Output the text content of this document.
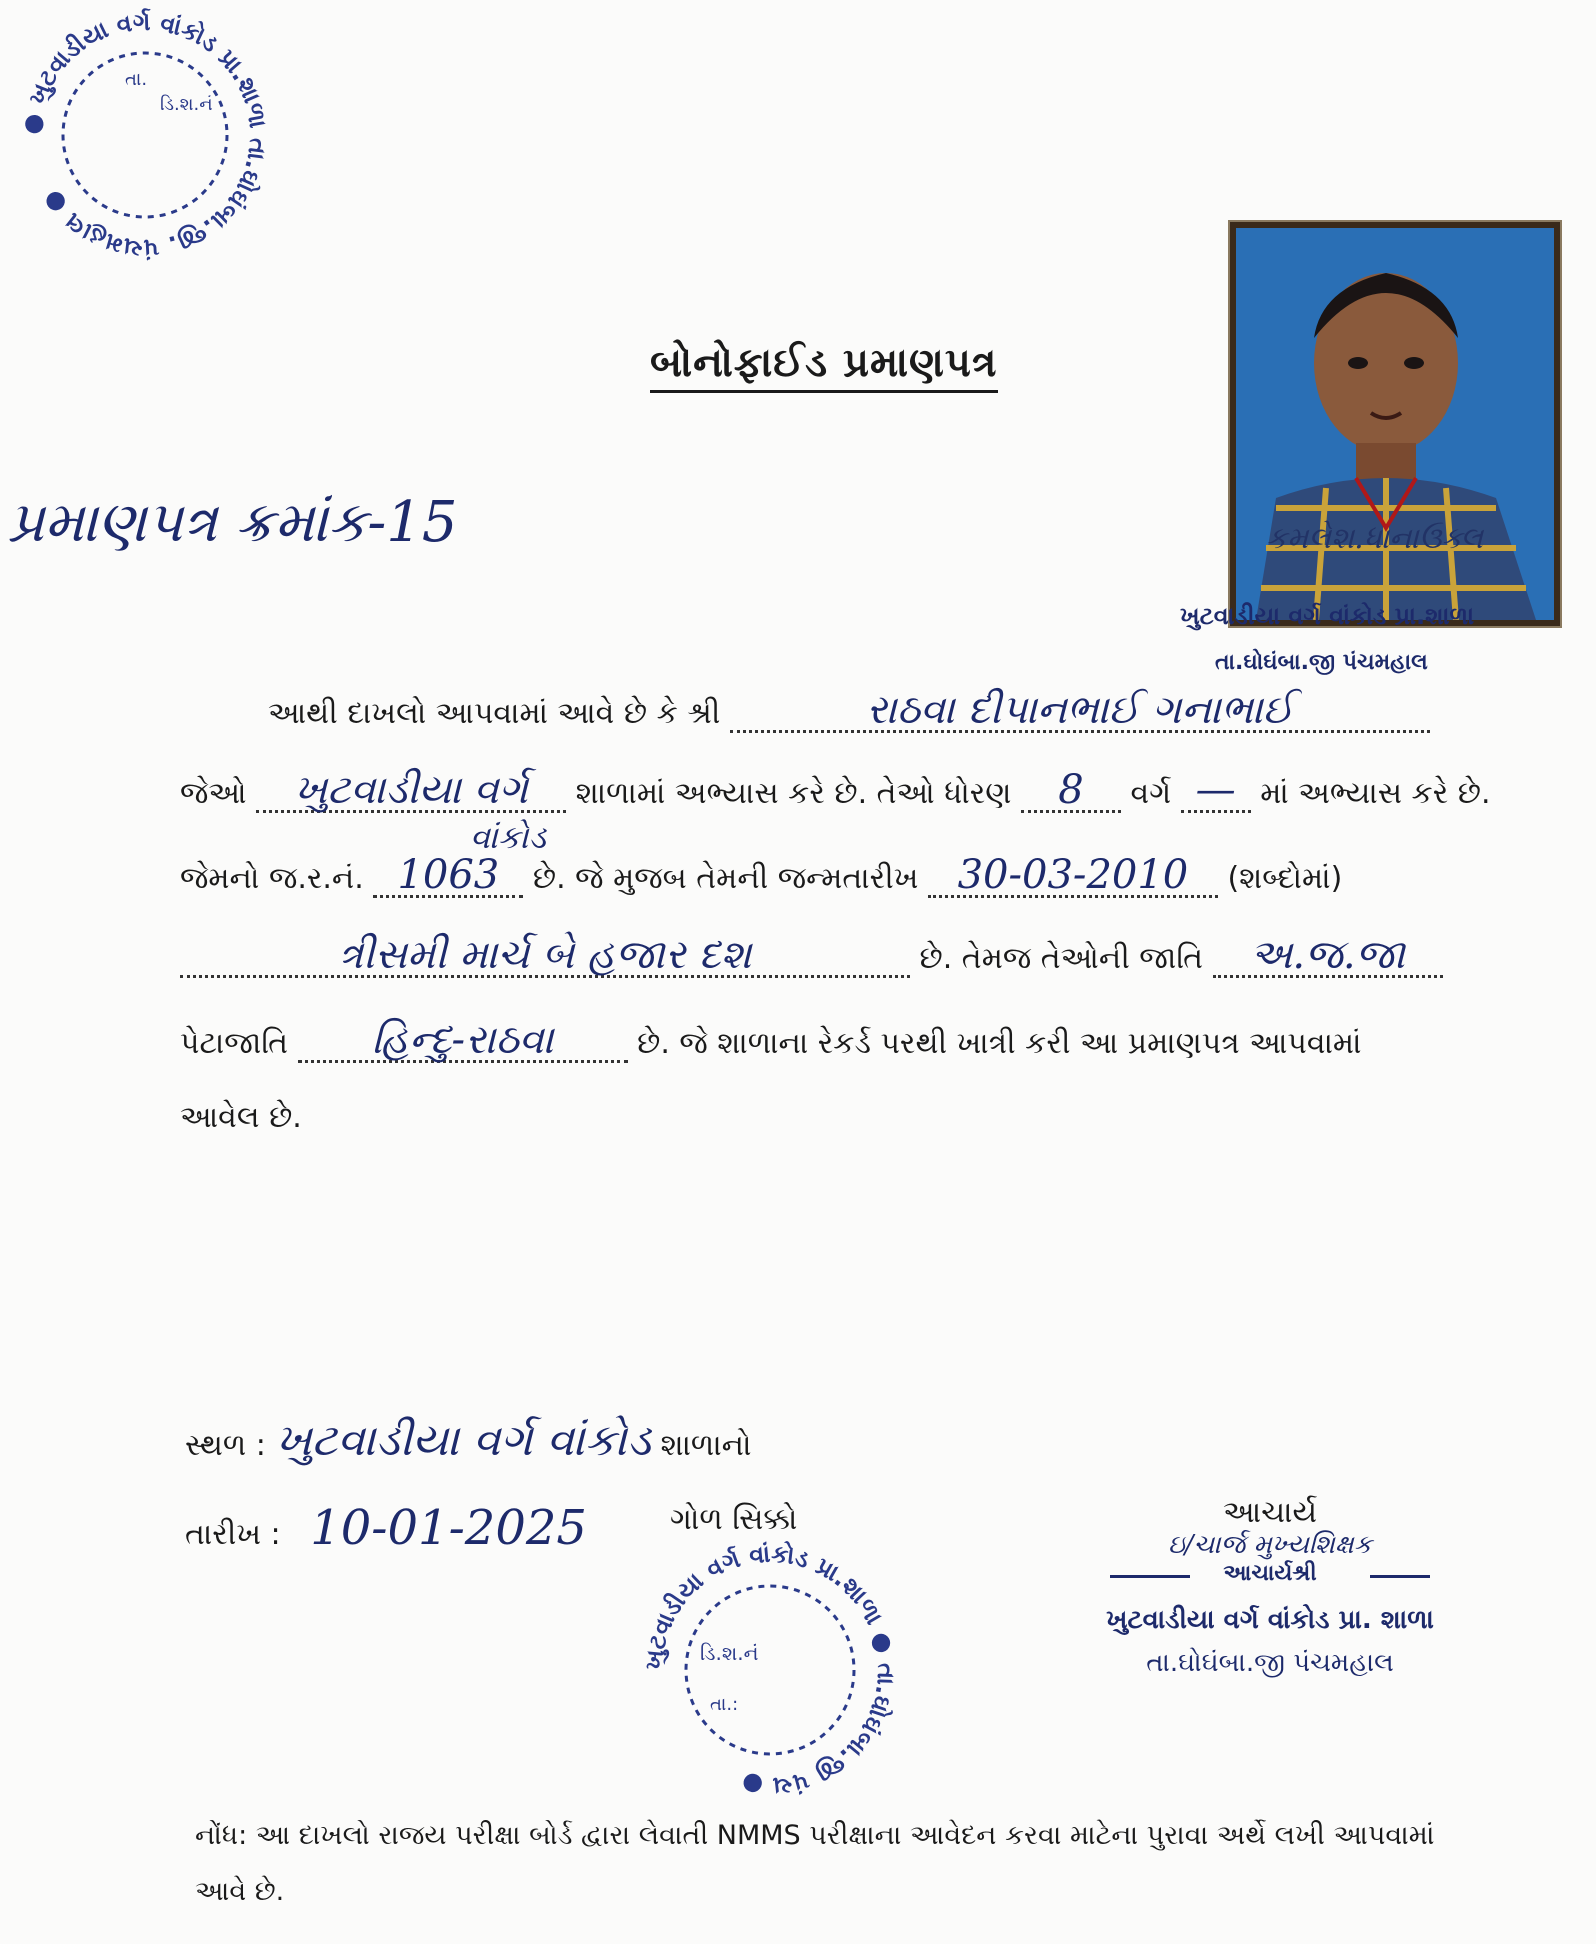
● ખુટવાડીયા વર્ગ વાંકોડ પ્રા.શાળા તા.ઘોઘંબા.જી. પંચમહાલ ●
ડિ.શ.નં
તા.
બોનોફાઈડ પ્રમાણપત્ર
પ્રમાણપત્ર ક્રમાંક-15	કમલેશ.ધાનાઉક્લ
ખુટવાડીયા વર્ગ વાંકોડ પ્રા.શાળા
તા.ઘોઘંબા.જી પંચમહાલ
આથી દાખલો આપવામાં આવે છે કે શ્રી	રાઠવા દીપાનભાઈ ગનાભાઈ
જેઓ ખુટવાડીયા વર્ગ શાળામાં અભ્યાસ કરે છે. તેઓ ધોરણ 8 વર્ગ — માં અભ્યાસ કરે છે.
વાંકોડ
જેમનો જ.ર.નં. 1063 છે. જે મુજબ તેમની જન્મતારીખ 30-03-2010 (શબ્દોમાં)
ત્રીસમી માર્ચ બે હજાર દશ	છે. તેમજ તેઓની જાતિ અ.જ.જા
પેટાજાતિ હિન્દુ-રાઠવા	છે. જે શાળાના રેકર્ડ પરથી ખાત્રી કરી આ પ્રમાણપત્ર આપવામાં
આવેલ છે.
સ્થળ : ખુટવાડીયા વર્ગ વાંકોડ શાળાનો
તારીખ : 10-01-2025	ગોળ સિક્કો
ખુટવાડીયા વર્ગ વાંકોડ પ્રા.શાળા ● તા.ઘોઘંબા.જી પંચ ●
ડિ.શ.નં
તા.:
આચાર્ય
ઇ/ચાર્જ મુખ્યશિક્ષક
આચાર્યશ્રી
ખુટવાડીયા વર્ગ વાંકોડ પ્રા. શાળા
તા.ઘોઘંબા.જી પંચમહાલ
નોંધ: આ દાખલો રાજય પરીક્ષા બોર્ડ દ્વારા લેવાતી NMMS પરીક્ષાના આવેદન કરવા માટેના પુરાવા અર્થે લખી આપવામાં આવે છે.
